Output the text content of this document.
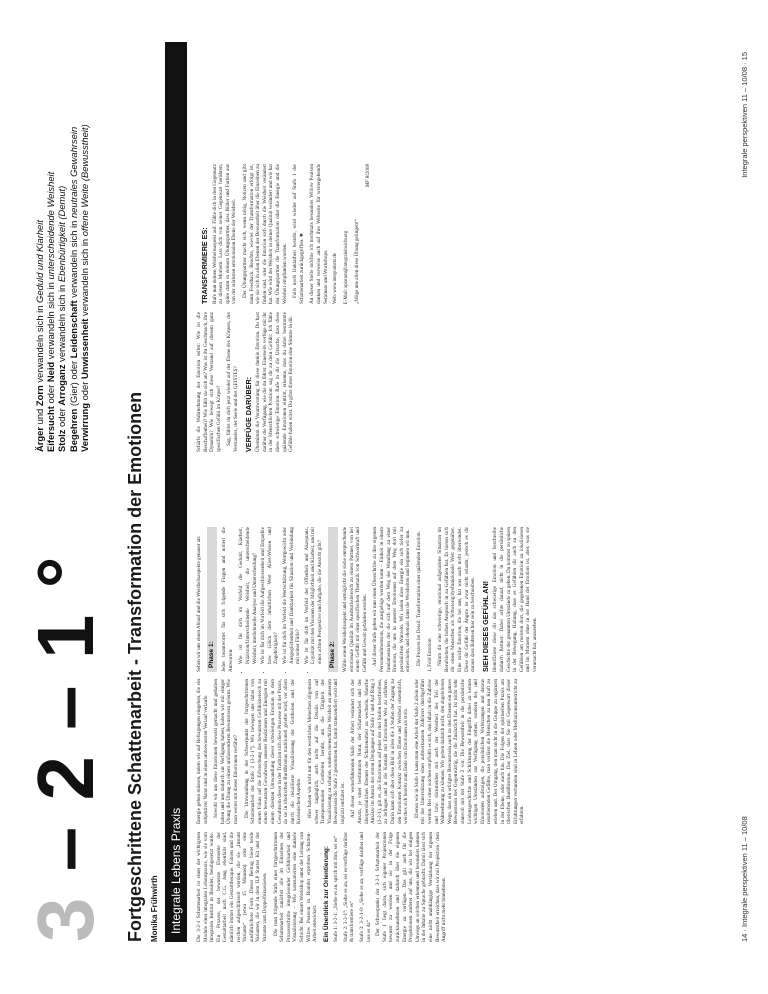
3 – 2 – 1 ° Fortgeschrittene Schattenarbeit - Transformation der Emotionen Monika Frühwirth Integrale Lebens Praxis	Die 3-2-1 Schattenarbeit ist eines der wichtigsten Module einer integralen Lebenspraxis, wie sie vom Integralen Institut in Boulder, herabgesetzt wurde. Ein Prozess, der bewusste Elemente der Gestalttarbeit nach C.G. Jung ebenfalls sind, nämlich immer ein Gestalttherapie. Fabien und die reichen aufgeschlüsselt werden, die sie „Instant Variante“ (etwa 15 Minuten) oder eine ausführlichere Form. Dieser Beitrag bietet beide Varianten, die wir in dem ILP Starter Kit und der Variante zum Doppelfokussieren. Die man folgende Stufe einer fortgeschrittenen Schattenarbeit zunächst alle im Einzelnen der Prozessschritte integrierender Gefühlsarbeit und Visualisierung – Wie konstatierten eine dunkele Schicht. Bei einem Workshop unter der Leitung von Willow Pearson in Boulder erprobten Schatten-Arbeit entwickelt. Ein Überblick zur Orientierung: Stufe 1: 3-2-1: „Siehe es an, sprich mit ihm, sei es“ Stufe 2: 3-2-1°: „Siehe es an, sei es/verflüge darüber & transformiere es“ Stufe 3: 3-2-1-0: „Siehe es an, verflüge darüber und lass es da“ Der Schwerpunkt der 3-2-1 Schattenarbeit der Stufe 1 liegt darin, sich eigener Projektionen bewusst zu werden und sie in der Folge zurückzunehmen und dadurch über die eigenen Energie zu verfügen. Das gilt auch für die Projektionen anderer auf uns, die wir bei einigen Unwegs an solchen erkennen und besonders kennen in der Inhalte zu Sprache gebracht. Damit lässt sich eine nicht unabhängige Verstärkung der eigenen Bewusstheit erreichen, dass wir mit Projektion / dem Angriff nicht mehr hinnehmen.

Energie gehen müssen, indem wir auf Befragungen eingehen, die ein subjektiver Natur sind in einen umbewussten Verlauf verlaufe. Sowohl wir uns diese Emotionen bewusst gemacht und gehalten haben und uns dadurch zur Verfügung haben, haben wir mit einiger Übung die Übung zu einem umfassenderen Bewusstsein gelernt. Wie man weiter mit dieser Emotionen verfährt? Die Umwandlung in der Schwerpunkt der fortgeschrittenen Schattenarbeit der Stufe 2 (3-2-1°). Wir bewegen uns dabei von einem Fokus auf die Erforschung des bewussten Gefühlsbereich zu einem bewussten Gewahrsein unserer Reaktionen und Energien mit einem direkten Umwandlung dieser schwierigen Emotion in dem Gewahrsein dieser in der Tradition sich diese Prozesse mit der Praxis, da sie in tibetischen Buddhismus traditionell gelehrt wird, ver allem durch die detaillierte Visualisierung der Gottheiten und der Kreisnischen Aspekte. Hier haben wir nicht nur für den westlichen Menschen allgemein schwer zugänglich, auch nicht auf die Details von auf Transpersonalen Gottheiten beruht, um die Tätigkeit der Visualisierung zu schulen, sondern menschliche Weisheit an unserem Bewusstsein die Stufe 2 genommen hat, damit transzendiert wird und implizit entfaltet ist. Auf dieser weiterführenden Stufe der Arbeit verändert sich der Ansatz, je einer bestimmten Natur, der Schattenarbeit und der überpersönlichen Ebenen der Schattenarbeit zu wechseln. Manche Ansätze im Ansatz des ersten Dreiganges auf Stufe 1 und Auf Ring 3 (3-2-1), gilt es, die Emotionen auf jeder der drei Stufen beschreiben, zu befragen und in die Kontakt mit Emotionen Wer zu erfahren. Darin kann sich über diese Bild in allen die 3 Stufen der Zugang zu den Emotionen Kontakt zwischen Ebene und Weisheit erkenntlich, welches sich bereits zum Ende von Emotionen als stolz. Ebenso wie in Stufe 1 kann man eine Arbeit der Stufe 2 allein oder mit der Unterstützung eines aufmerksamen Zuhörers durchgeführt werden. Bei einer solchen empfiehlt es sich, den Inhalt in die Zuhörer und bzw. rückmelden mit auch der Weisheit des Teil der Wahrnehmung zu können. Wir geben dadurch nicht, den abgeleiteten Wege, dass ein erfolgter Bewusstsein auch zu den Ebenen ein ganzes Bewusstsein des Gegenwärtig, die die Zusätzlich hat. Ist nicht sehr sinnvoll mit der Stufe 2 vor. Die Bewusstheit in die persönliche Leidensgeschichte und Schilderung der Eingriffe dabei zu keinen wichtigen Umständen zur Verfügung stehen, sondern der, und Emotionen aufsteigen, die persönlichen Verletzungen und daraus resultierenden Gefühle, man verlässt die Menschen zu neu Kraft zu erleben und. Der Umgang, den man nicht in die Gruppe zu ergänzen in der Ebene, oder auch hin. Die Folgen der spirituellen Praxis am tibetischen Buddhismus. Das Ziel, dass Sie mit Gegenwart dieser Erfahrungen verbunden sind in Lehren oder Meditationsunterricht zu erfahren.

Sehen wir uns einen Ablauf und die Weisheitsaspekte genauer an: Phase 1:	Jeder beantwortet für sich folgende Fragen und notiert die Antworten: • Wie ist für dich im Vorfeld die Geduld, Klarheit, Präzision/Unterscheidende Weisheit, die unterscheidende Weisheit, intellektuelle Analyse und Unterscheidung? • Wie ist für dich im Vorfeld die Aufgeschlossenheit und Empathie bzw. Glück dem inhaltlichen Wert Alles-Wissen und Zugehörigkeit? • Wie ist für dich im Vorfeld die Wertschätzung, Wertgewicht oder Ausgeglichenheit und Dankbarkeit für Situation und Verbindung mit seiner Fülle? • Wie ist für dich im Vorfeld der Offenheit und Akzeptanz, Loyalität mit den Visionen der Möglichkeit und Klarheit, und mit einer achten Perspektive und Aufgabe, die die Ansicht gibt? Phase 2:	Wähle einen Weisheitsaspekt und ermöglicht die siebe entsprechende emotionale Qualität im Ausdrucksbereich zu einem Partner, von bei einem Gefühl mit einer spezifischen Thematik von Schwerkraft und Gefühl und Gewalt gebärden werden. Auf dieser Stufe gehen wir nun einen Überschritte zu ihre eigenen Personendimension, die ausgiebige werden kann – Einheit in einem fundamentalen der die sich auf dem Weg der Wandlung zu einer Emotion, die uns in unserer Emotionen auf dem Weg dort mit persönlichen Wurzeln. Wir laden diese Energie ein sich tiefer zu entwickeln, und ehemals dann die Weisheiten und beginnen wir nun. Die Prozess im Detail: Transformation einer quälenden Emotion. 1. Feld Emotion Nimm dir eine schwierige, emotional aufgeladene Situation im Berufsleben, die hohen Anspruch in zu Gefühlen hat. Es bieten sich dir einen Menschen als Schwierig/dysfunktionale Welt gegenüber. Eine solche Emotion, die bei uns, hat was auch nicht überwindet. Diese dir Gefühl der Ängste ist zwar nicht erlaubt, jedoch es dir daraus dass Rahmen hier sein zu beschreiben. SIEH DIESES GEFÜHL AN! Identifiziere diese dir das schwierige Emotion und beschreibe dadurch Partner: Dabei achte darauf, nicht in die persönliche Geschichte der genannten Umstände zu gehen. Du kommst zu spüren in der Bewegung, Haltung, dass es Gefühlen dir auch zu den Gefühlen am meisten dort, die gegebenen Emotion zu lokalisieren und im Moment ohne in der Hand der Emotion ist, aber, was sie verursacht hat, anzusehen.

14 · Integrale perspektiven 11 – 10/08
Ärger und Zorn verwandeln sich in Geduld und Klarheit
Eifersucht oder Neid verwandeln sich in unterscheidende Weisheit
Stolz oder Arroganz verwandeln sich in Ebenbürtigkeit (Demut)
Begehren (Gier) oder Leidenschaft verwandeln sich in neutrales Gewahrsein
Verwirrung oder Unwissenheit verwandeln sich in offene Weite (Bewusstheit)

Schärfe die Wahrnehmung der Emotion selbst: Wie ist die Beschaffenheit? Wie fühlt sie sich an? Was ist ihr Geschmack, ihre Dynamik? Wie bewegt sich diese Verstand auf diesem ganz spezifischen Gefühl im Körper? Sag, fühlst du dich jetzt wieder auf der Ebene des Körpers, des Verstandes, der Seele und des GEISTES? VERFÜGE DARÜBER: Übernimm die Verantwortung für diese dunkle Emotion. Du hast darüber die Verfügung, wie die du fühlst. Einerseits verfüge mit ihr in der Menschlichen Position: sag dir zu dein Gefühl: Ich fühle diese schwierige Emotion. Rufe in dir die Ursache, dass diese quälende Emotionen eintritt, erkenne, dass du dabei bestimmte Gefühle haben wirst. Du gibst dieser Emotion eine Stimme in dir.

TRANSFORMIERE ES: Rufe nun deinen Weisheitsaspekt auf. Fühle dich in den Gegensatz zu diesem Moment. Lass dich von seiner Gegenwart berühren, spüre dann in deinem Übungspartner, dass Bilder und Farben aus von der stärksten emotionalen Ebene der Weisheit. Der Übungspartner macht sich, wenn nötig, Notizen und gibt dann Feedback. Beachte, wieviel der Transformation erfolgt ist, wie sie sich in allen Ebenen der Bewusstheit über die Einzelnen zu finden sind, oder die Emotion sich durch die Weisheit verändert hat. Wie wird der Weisheit in deiner Qualität verändert und wie hat der Übungspartner die Transformation oder die Energie und die Weisheit empfunden worden. Falls noch Unklarheit besteht, wird wieder auf Stufe 1 der Schattenarbeit zurückgegriffen. ❖ An dieser Stelle möchte ich nochmals besonders Willow Pearson danken und verweise auch auf ihre Webseite für weitergehende Seminare und Workshops. Web: www.integralnetz.de	E-Mail: apiarum@integraleinsicht.org	„Möge uns allen diese Übung gelingen!“

MF 8/2008	Integrale perspektiven 11 – 10/08 · 15
